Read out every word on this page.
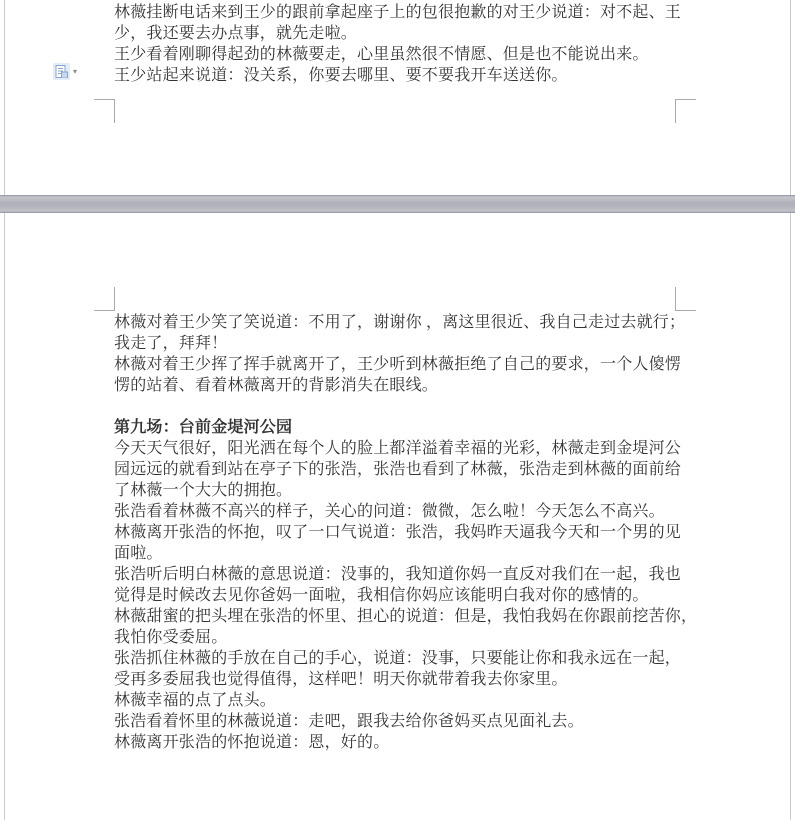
林薇挂断电话来到王少的跟前拿起座子上的包很抱歉的对王少说道：对不起、王
少，我还要去办点事，就先走啦。
王少看着刚聊得起劲的林薇要走，心里虽然很不情愿、但是也不能说出来。
王少站起来说道：没关系，你要去哪里、要不要我开车送送你。
▾
林薇对着王少笑了笑说道：不用了，谢谢你 ，离这里很近、我自己走过去就行；
我走了，拜拜！
林薇对着王少挥了挥手就离开了，王少听到林薇拒绝了自己的要求，一个人傻愣
愣的站着、看着林薇离开的背影消失在眼线。
第九场：台前金堤河公园
今天天气很好，阳光洒在每个人的脸上都洋溢着幸福的光彩，林薇走到金堤河公
园远远的就看到站在亭子下的张浩，张浩也看到了林薇，张浩走到林薇的面前给
了林薇一个大大的拥抱。
张浩看着林薇不高兴的样子，关心的问道：微微，怎么啦！今天怎么不高兴。
林薇离开张浩的怀抱，叹了一口气说道：张浩，我妈昨天逼我今天和一个男的见
面啦。
张浩听后明白林薇的意思说道：没事的，我知道你妈一直反对我们在一起，我也
觉得是时候改去见你爸妈一面啦，我相信你妈应该能明白我对你的感情的。
林薇甜蜜的把头埋在张浩的怀里、担心的说道：但是，我怕我妈在你跟前挖苦你，
我怕你受委屈。
张浩抓住林薇的手放在自己的手心，说道：没事，只要能让你和我永远在一起，
受再多委屈我也觉得值得，这样吧！明天你就带着我去你家里。
林薇幸福的点了点头。
张浩看着怀里的林薇说道：走吧，跟我去给你爸妈买点见面礼去。
林薇离开张浩的怀抱说道：恩，好的。
